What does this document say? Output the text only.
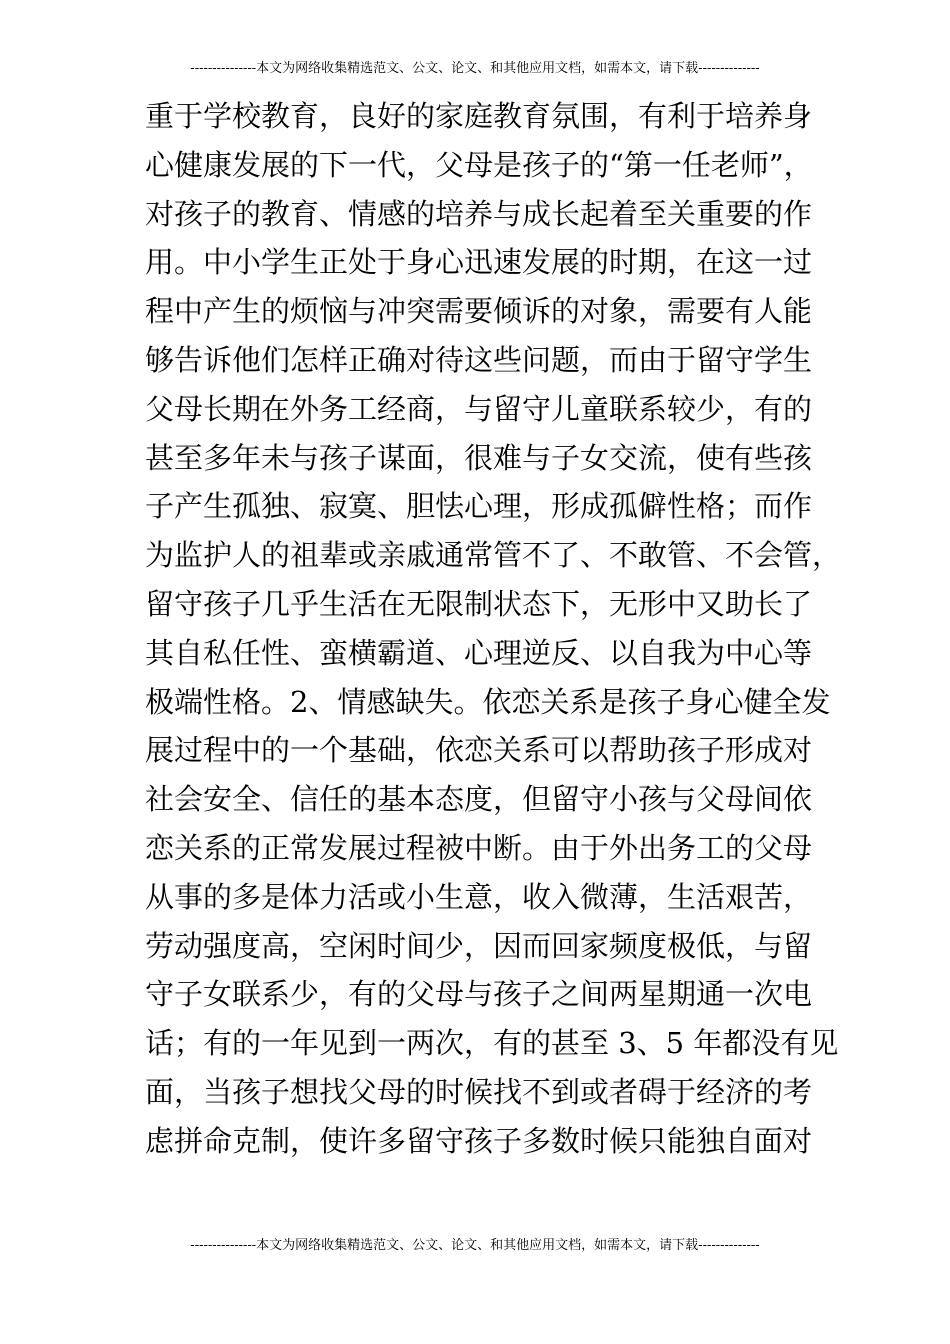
---------------本文为网络收集精选范文、公文、论文、和其他应用文档，如需本文，请下载--------------
重于学校教育，良好的家庭教育氛围，有利于培养身
心健康发展的下一代，父母是孩子的“第一任老师”，
对孩子的教育、情感的培养与成长起着至关重要的作
用。中小学生正处于身心迅速发展的时期，在这一过
程中产生的烦恼与冲突需要倾诉的对象，需要有人能
够告诉他们怎样正确对待这些问题，而由于留守学生
父母长期在外务工经商，与留守儿童联系较少，有的
甚至多年未与孩子谋面，很难与子女交流，使有些孩
子产生孤独、寂寞、胆怯心理，形成孤僻性格；而作
为监护人的祖辈或亲戚通常管不了、不敢管、不会管，
留守孩子几乎生活在无限制状态下，无形中又助长了
其自私任性、蛮横霸道、心理逆反、以自我为中心等
极端性格。2、情感缺失。依恋关系是孩子身心健全发
展过程中的一个基础，依恋关系可以帮助孩子形成对
社会安全、信任的基本态度，但留守小孩与父母间依
恋关系的正常发展过程被中断。由于外出务工的父母
从事的多是体力活或小生意，收入微薄，生活艰苦，
劳动强度高，空闲时间少，因而回家频度极低，与留
守子女联系少，有的父母与孩子之间两星期通一次电
话；有的一年见到一两次，有的甚至 3、5 年都没有见
面，当孩子想找父母的时候找不到或者碍于经济的考
虑拼命克制，使许多留守孩子多数时候只能独自面对
---------------本文为网络收集精选范文、公文、论文、和其他应用文档，如需本文，请下载--------------
